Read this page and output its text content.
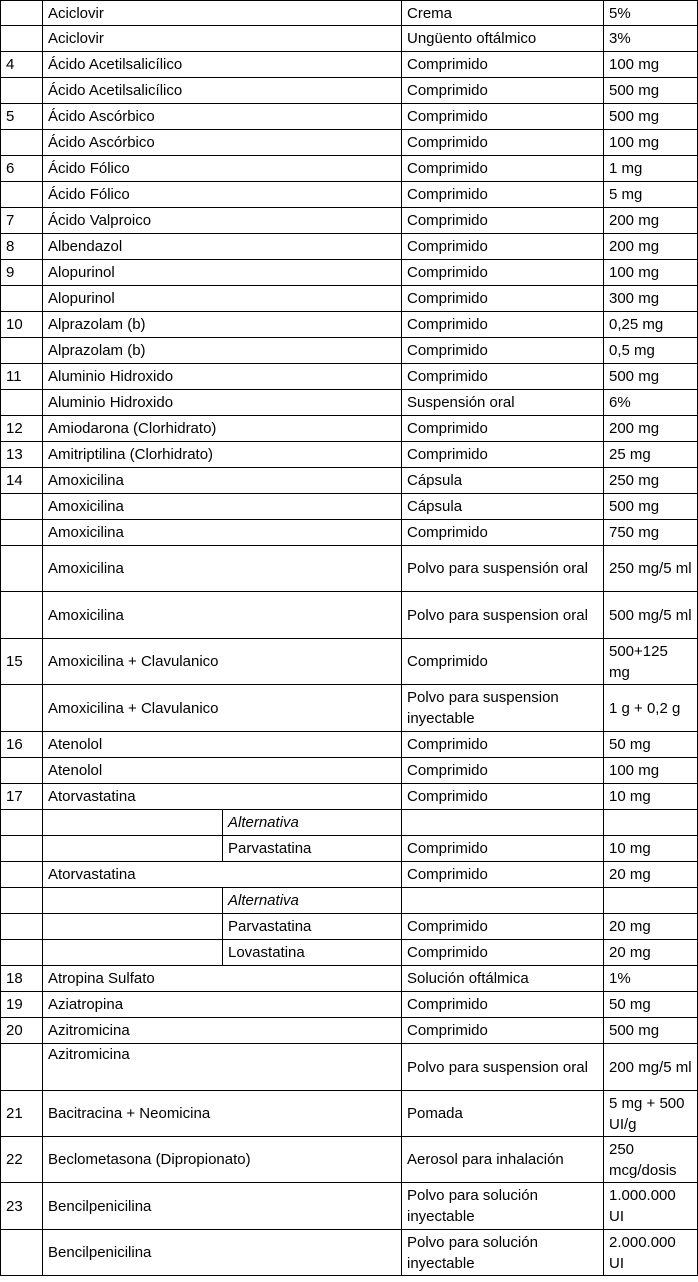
	Aciclovir		Crema	5%
	Aciclovir		Ungüento oftálmico	3%
4	Ácido Acetilsalicílico		Comprimido	100 mg
	Ácido Acetilsalicílico		Comprimido	500 mg
5	Ácido Ascórbico		Comprimido	500 mg
	Ácido Ascórbico		Comprimido	100 mg
6	Ácido Fólico		Comprimido	1 mg
	Ácido Fólico		Comprimido	5 mg
7	Ácido Valproico		Comprimido	200 mg
8	Albendazol		Comprimido	200 mg
9	Alopurinol		Comprimido	100 mg
	Alopurinol		Comprimido	300 mg
10	Alprazolam (b)		Comprimido	0,25 mg
	Alprazolam (b)		Comprimido	0,5 mg
11	Aluminio Hidroxido		Comprimido	500 mg
	Aluminio Hidroxido		Suspensión oral	6%
12	Amiodarona (Clorhidrato)		Comprimido	200 mg
13	Amitriptilina (Clorhidrato)		Comprimido	25 mg
14	Amoxicilina		Cápsula	250 mg
	Amoxicilina		Cápsula	500 mg
	Amoxicilina		Comprimido	750 mg
	Amoxicilina		Polvo para suspensión oral	250 mg/5 ml
	Amoxicilina		Polvo para suspension oral	500 mg/5 ml
15	Amoxicilina + Clavulanico		Comprimido	500+125 mg
	Amoxicilina + Clavulanico		Polvo para suspension inyectable	1 g + 0,2 g
16	Atenolol		Comprimido	50 mg
	Atenolol		Comprimido	100 mg
17	Atorvastatina		Comprimido	10 mg
		Alternativa		
		Parvastatina	Comprimido	10 mg
	Atorvastatina		Comprimido	20 mg
		Alternativa		
		Parvastatina	Comprimido	20 mg
		Lovastatina	Comprimido	20 mg
18	Atropina Sulfato		Solución oftálmica	1%
19	Aziatropina		Comprimido	50 mg
20	Azitromicina		Comprimido	500 mg
	Azitromicina		Polvo para suspension oral	200 mg/5 ml
21	Bacitracina + Neomicina		Pomada	5 mg + 500 UI/g
22	Beclometasona (Dipropionato)		Aerosol para inhalación	250 mcg/dosis
23	Bencilpenicilina		Polvo para solución inyectable	1.000.000 UI
	Bencilpenicilina		Polvo para solución inyectable	2.000.000 UI
